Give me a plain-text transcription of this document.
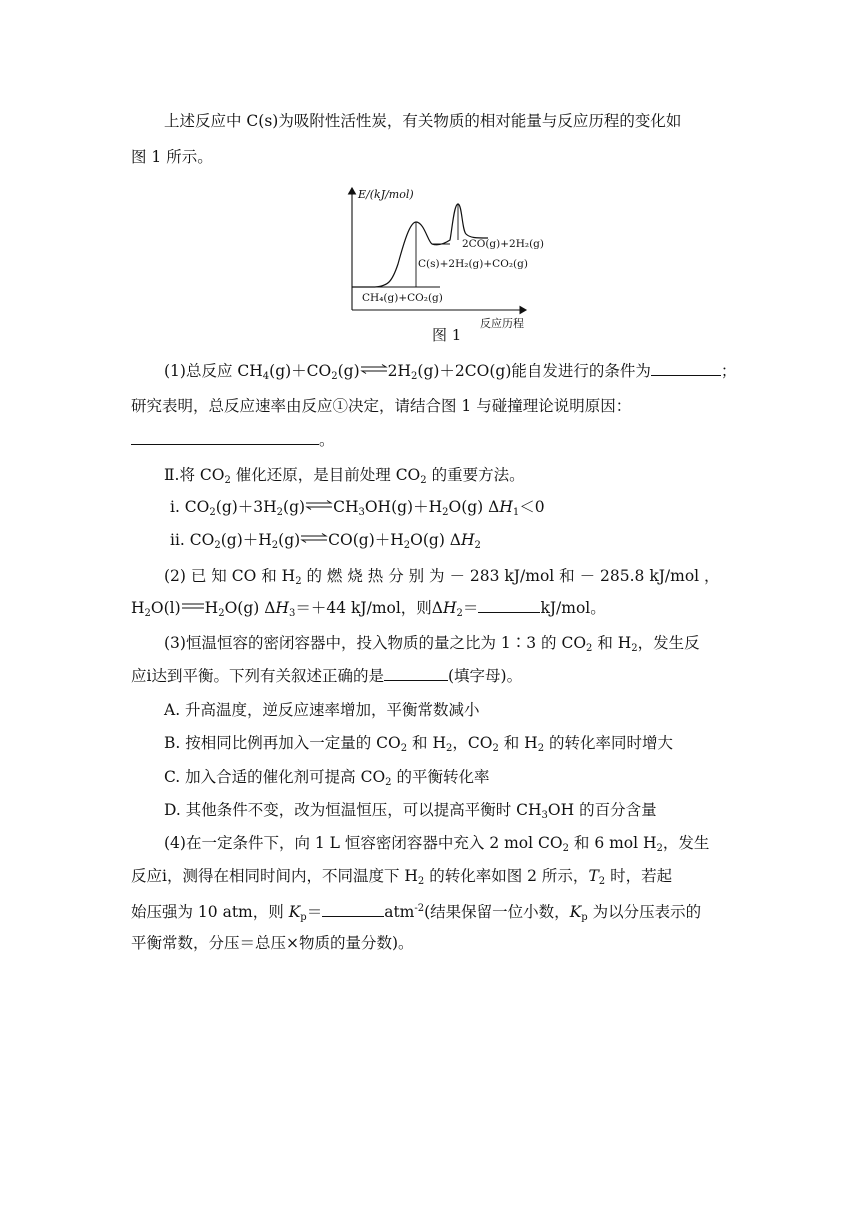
上述反应中 C(s)为吸附性活性炭，有关物质的相对能量与反应历程的变化如
图 1 所示。
E/(kJ/mol)
反应历程
CH₄(g)+CO₂(g)
C(s)+2H₂(g)+CO₂(g)
2CO(g)+2H₂(g)
图 1
(1)总反应 $CH_4(g)+CO_2(g)\rightleftharpoons 2H_2(g)+2CO(g)$能自发进行的条件为	；
研究表明，总反应速率由反应①决定，请结合图 1 与碰撞理论说明原因：
。
Ⅱ.将 $CO_2$ 催化还原，是目前处理 $CO_2$ 的重要方法。
ⅰ. $CO_2(g)+3H_2(g)\rightleftharpoons CH_3OH(g)+H_2O(g)$ $\Delta H_1<0$
ⅱ. $CO_2(g)+H_2(g)\rightleftharpoons CO(g)+H_2O(g)$ $\Delta H_2$
(2) 已 知 CO 和 $H_2$ 的 燃 烧 热 分 别 为 － 283 kJ/mol 和 － 285.8 kJ/mol ，
$H_2O(l)$ $H_2O(g)$ $\Delta H_3=+44$ kJ/mol，则$\Delta H_2=$	kJ/mol。
(3)恒温恒容的密闭容器中，投入物质的量之比为 1∶3 的 $CO_2$ 和 $H_2$，发生反
应ⅰ达到平衡。下列有关叙述正确的是	(填字母)。
A. 升高温度，逆反应速率增加，平衡常数减小
B. 按相同比例再加入一定量的 $CO_2$ 和 $H_2$，$CO_2$ 和 $H_2$ 的转化率同时增大
C. 加入合适的催化剂可提高 $CO_2$ 的平衡转化率
D. 其他条件不变，改为恒温恒压，可以提高平衡时 $CH_3OH$ 的百分含量
(4)在一定条件下，向 1 L 恒容密闭容器中充入 2 mol $CO_2$ 和 6 mol $H_2$，发生
反应ⅰ，测得在相同时间内，不同温度下 $H_2$ 的转化率如图 2 所示，$T_2$ 时，若起
始压强为 10 atm，则 $K_p=$	atm$^{-2}$(结果保留一位小数，$K_p$ 为以分压表示的
平衡常数，分压＝总压×物质的量分数)。
